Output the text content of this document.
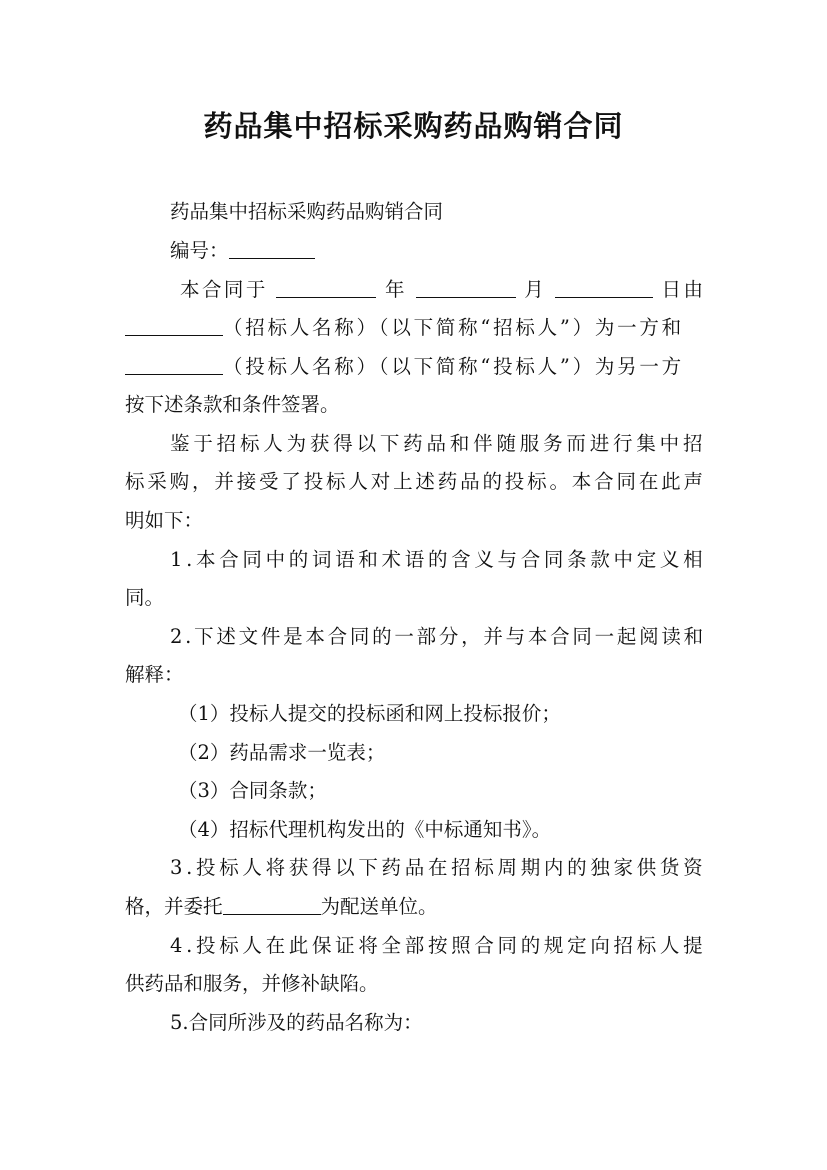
药品集中招标采购药品购销合同
药品集中招标采购药品购销合同
编号：
本合同于	年	月	日由
（招标人名称）（以下简称“招标人”）为一方和
（投标人名称）（以下简称“投标人”）为另一方
按下述条款和条件签署。
鉴于招标人为获得以下药品和伴随服务而进行集中招
标采购，并接受了投标人对上述药品的投标。本合同在此声
明如下：
1.本合同中的词语和术语的含义与合同条款中定义相
同。
2.下述文件是本合同的一部分，并与本合同一起阅读和
解释：
（1）投标人提交的投标函和网上投标报价；
（2）药品需求一览表；
（3）合同条款；
（4）招标代理机构发出的《中标通知书》。
3.投标人将获得以下药品在招标周期内的独家供货资
格，并委托	为配送单位。
4.投标人在此保证将全部按照合同的规定向招标人提
供药品和服务，并修补缺陷。
5.合同所涉及的药品名称为：
